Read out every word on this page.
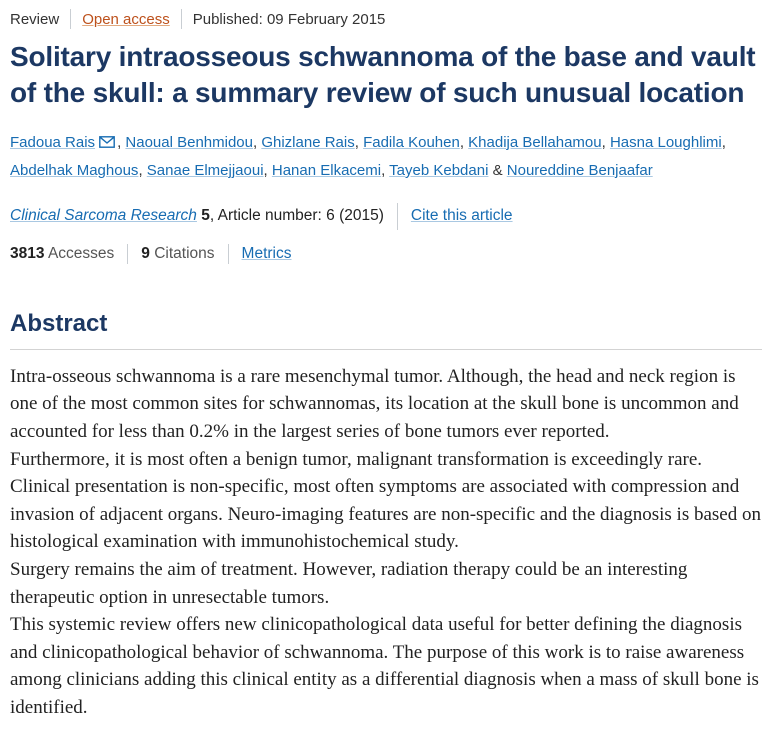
Review Open access Published: 09 February 2015
Solitary intraosseous schwannoma of the base and vault of the skull: a summary review of such unusual location
Fadoua Rais , Naoual Benhmidou, Ghizlane Rais, Fadila Kouhen, Khadija Bellahamou, Hasna Loughlimi, Abdelhak Maghous, Sanae Elmejjaoui, Hanan Elkacemi, Tayeb Kebdani & Noureddine Benjaafar
Clinical Sarcoma Research 5, Article number: 6 (2015) Cite this article
3813 Accesses 9 Citations Metrics
Abstract

Intra-osseous schwannoma is a rare mesenchymal tumor. Although, the head and neck region is one of the most common sites for schwannomas, its location at the skull bone is uncommon and accounted for less than 0.2% in the largest series of bone tumors ever reported.

Furthermore, it is most often a benign tumor, malignant transformation is exceedingly rare.

Clinical presentation is non-specific, most often symptoms are associated with compression and invasion of adjacent organs. Neuro-imaging features are non-specific and the diagnosis is based on histological examination with immunohistochemical study.

Surgery remains the aim of treatment. However, radiation therapy could be an interesting therapeutic option in unresectable tumors.

This systemic review offers new clinicopathological data useful for better defining the diagnosis and clinicopathological behavior of schwannoma. The purpose of this work is to raise awareness among clinicians adding this clinical entity as a differential diagnosis when a mass of skull bone is identified.
